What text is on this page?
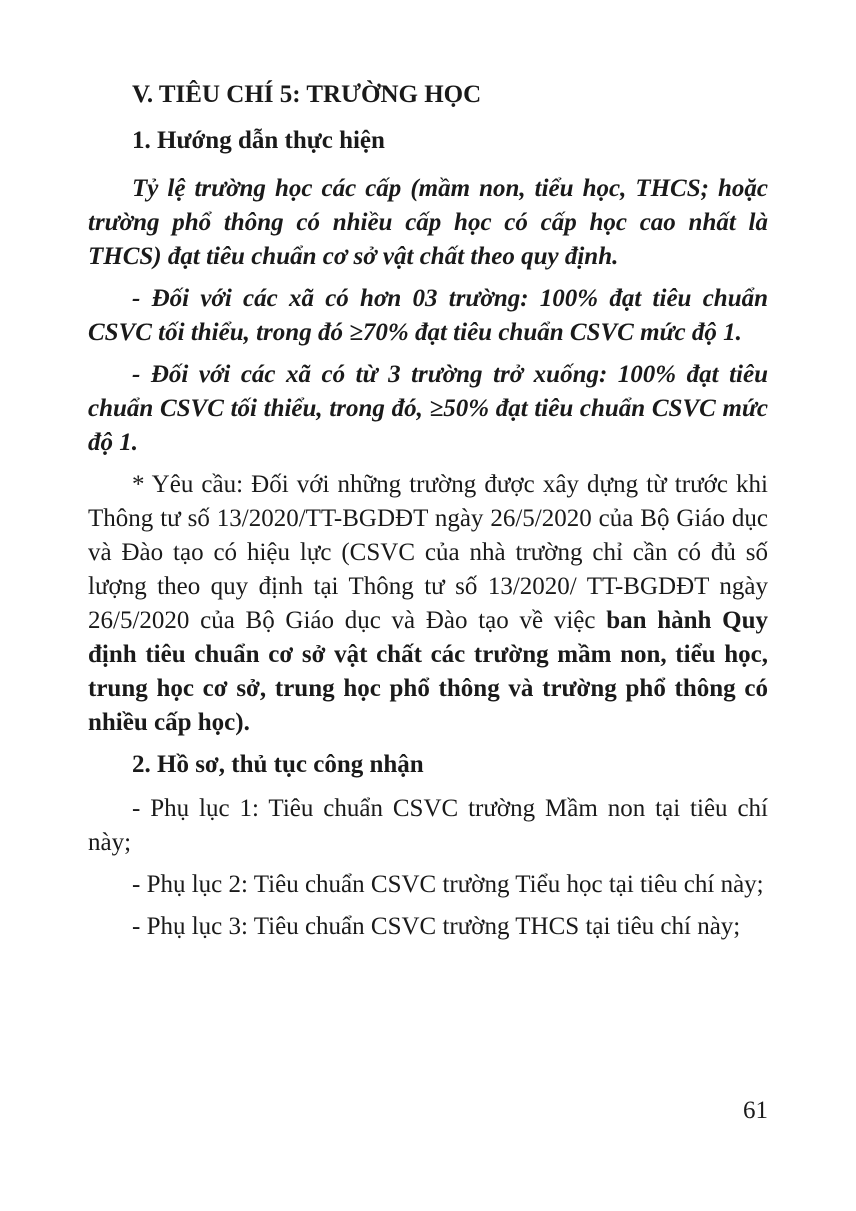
V. TIÊU CHÍ 5: TRƯỜNG HỌC

1. Hướng dẫn thực hiện

Tỷ lệ trường học các cấp (mầm non, tiểu học, THCS; hoặc trường phổ thông có nhiều cấp học có cấp học cao nhất là THCS) đạt tiêu chuẩn cơ sở vật chất theo quy định.

- Đối với các xã có hơn 03 trường: 100% đạt tiêu chuẩn CSVC tối thiểu, trong đó ≥70% đạt tiêu chuẩn CSVC mức độ 1.

- Đối với các xã có từ 3 trường trở xuống: 100% đạt tiêu chuẩn CSVC tối thiểu, trong đó, ≥50% đạt tiêu chuẩn CSVC mức độ 1.

* Yêu cầu: Đối với những trường được xây dựng từ trước khi Thông tư số 13/2020/TT-BGDĐT ngày 26/5/2020 của Bộ Giáo dục và Đào tạo có hiệu lực (CSVC của nhà trường chỉ cần có đủ số lượng theo quy định tại Thông tư số 13/2020/ TT-BGDĐT ngày 26/5/2020 của Bộ Giáo dục và Đào tạo về việc ban hành Quy định tiêu chuẩn cơ sở vật chất các trường mầm non, tiểu học, trung học cơ sở, trung học phổ thông và trường phổ thông có nhiều cấp học).

2. Hồ sơ, thủ tục công nhận

- Phụ lục 1: Tiêu chuẩn CSVC trường Mầm non tại tiêu chí này;

- Phụ lục 2: Tiêu chuẩn CSVC trường Tiểu học tại tiêu chí này;

- Phụ lục 3: Tiêu chuẩn CSVC trường THCS tại tiêu chí này;

61
